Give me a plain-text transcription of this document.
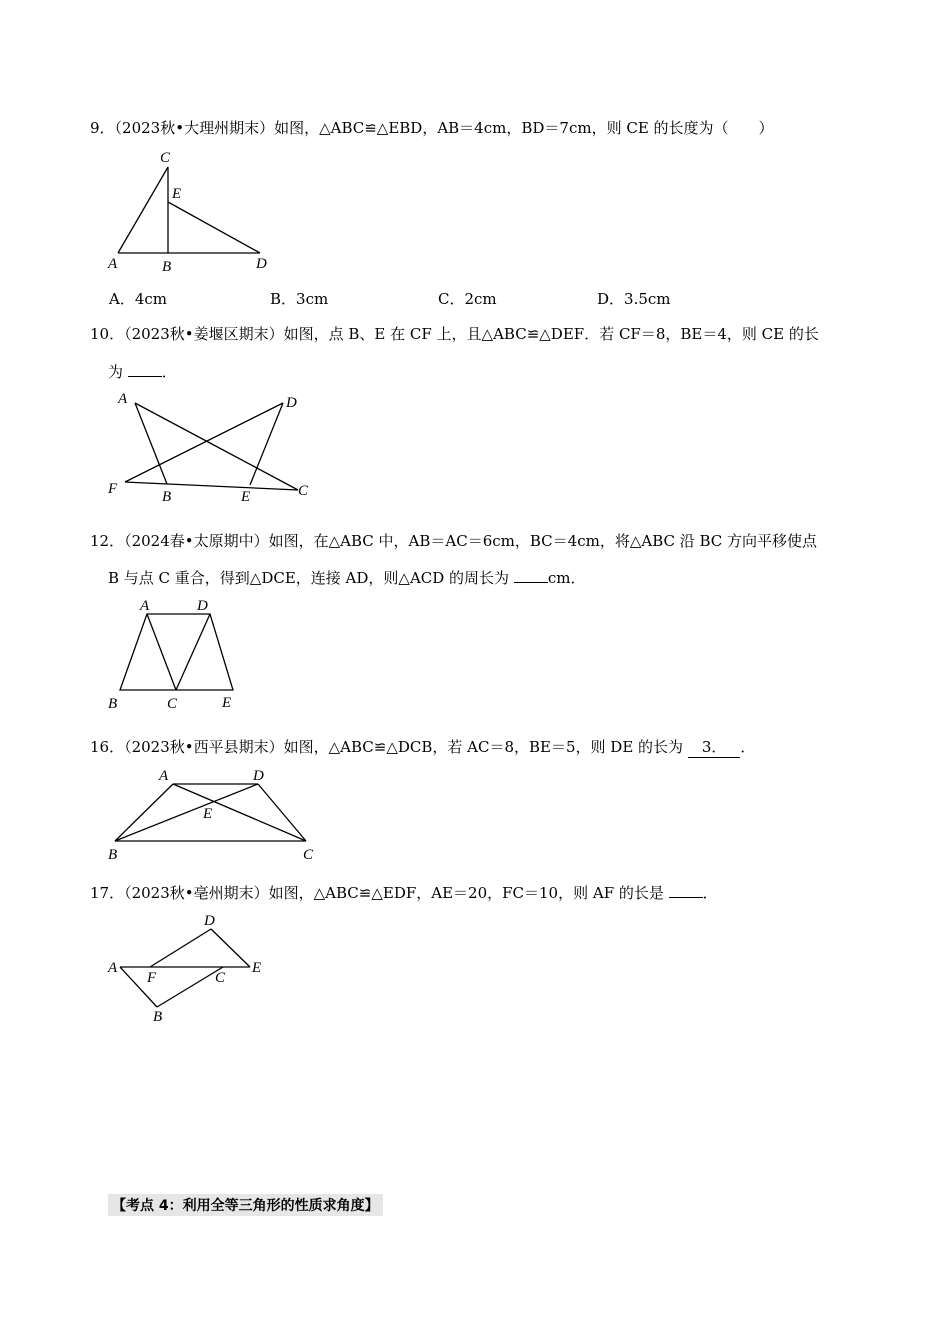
9．（2023秋•大理州期末）如图，△ABC≌△EBD，AB＝4cm，BD＝7cm，则 CE 的长度为（　　）
C
E
A	B	D
A．4cm	B．3cm	C．2cm	D．3.5cm
10．（2023秋•姜堰区期末）如图，点 B、E 在 CF 上，且△ABC≌△DEF．若 CF＝8，BE＝4，则 CE 的长
为 ．
A	D
F	B	E	C
12．（2024春•太原期中）如图，在△ABC 中，AB＝AC＝6cm，BC＝4cm，将△ABC 沿 BC 方向平移使点
B 与点 C 重合，得到△DCE，连接 AD，则△ACD 的周长为 cm．
A	D
B	C	E
16．（2023秋•西平县期末）如图，△ABC≌△DCB，若 AC＝8，BE＝5，则 DE 的长为 3． ．
A	D
E
B	C
17．（2023秋•亳州期末）如图，△ABC≌△EDF，AE＝20，FC＝10，则 AF 的长是 ．
D
A
F	C
E
B
【考点 4：利用全等三角形的性质求角度】
